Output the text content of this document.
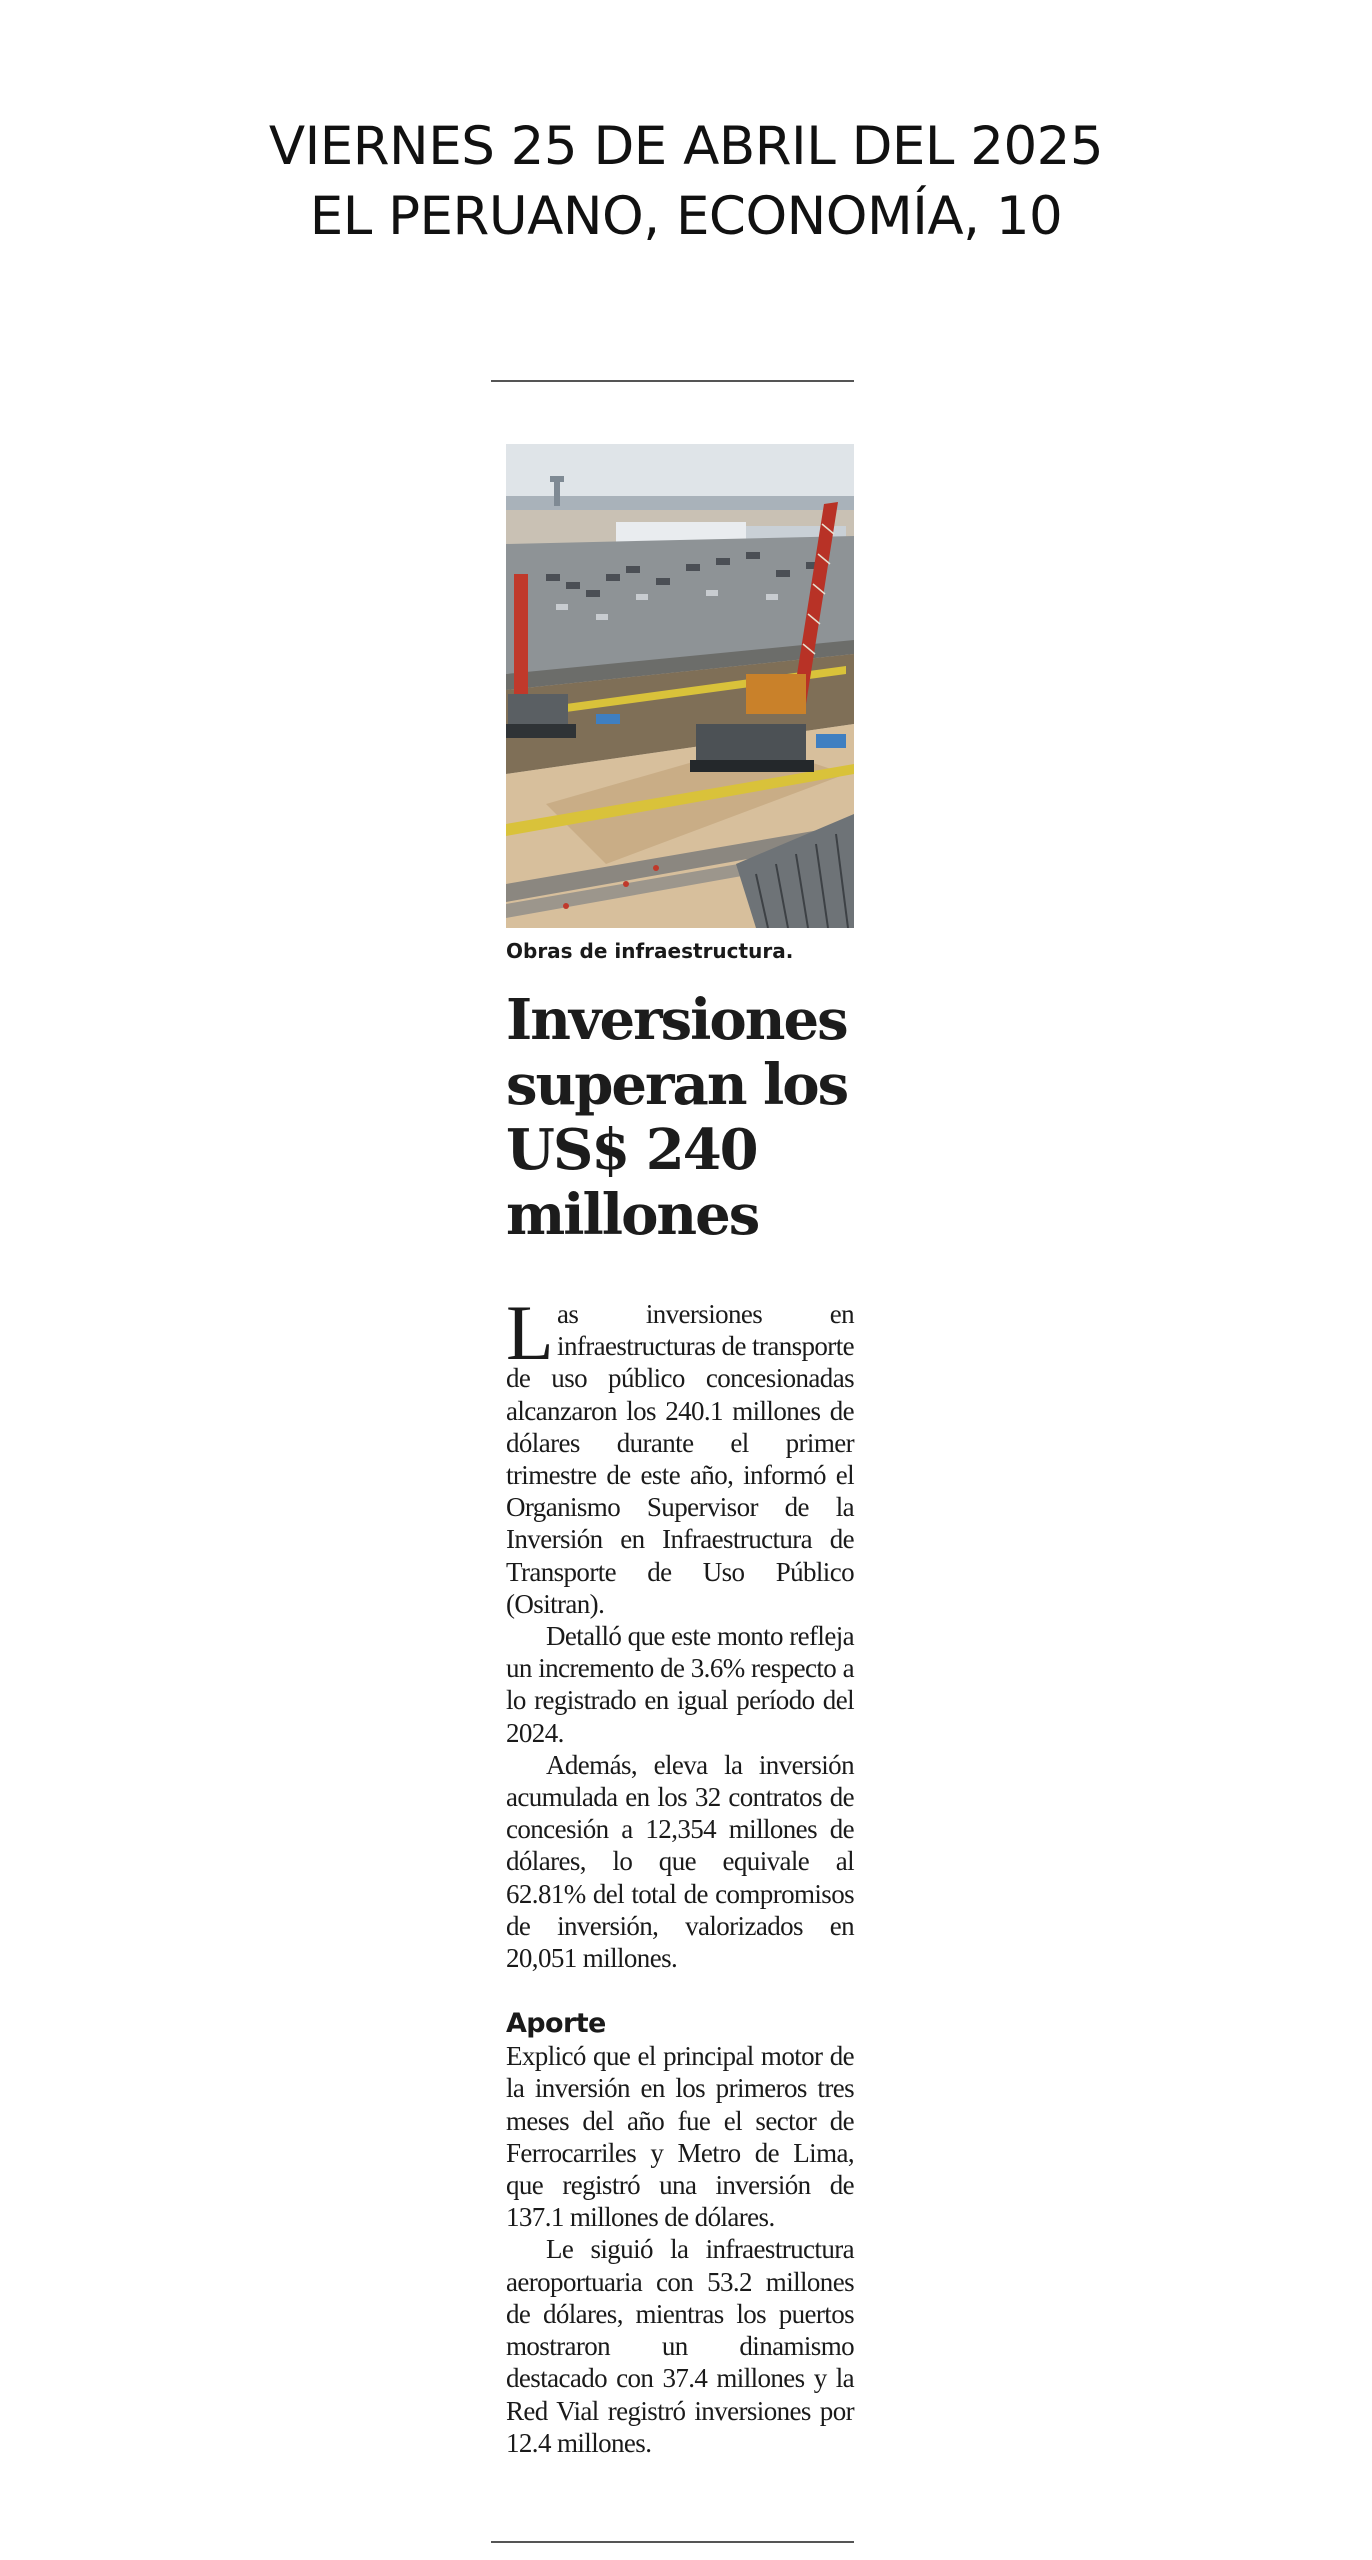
VIERNES 25 DE ABRIL DEL 2025
EL PERUANO, ECONOMÍA, 10
Obras de infraestructura.
Inversiones superan los US$ 240 millones

Las inversiones en infraestructuras de transporte de uso público concesionadas alcanzaron los 240.1 millones de dólares durante el primer trimestre de este año, informó el Organismo Supervisor de la Inversión en Infraestructura de Transporte de Uso Público (Ositran).

Detalló que este monto refleja un incremento de 3.6% respecto a lo registrado en igual período del 2024.

Además, eleva la inversión acumulada en los 32 contratos de concesión a 12,354 millones de dólares, lo que equivale al 62.81% del total de compromisos de inversión, valorizados en 20,051 millones.

Aporte

Explicó que el principal motor de la inversión en los primeros tres meses del año fue el sector de Ferrocarriles y Metro de Lima, que registró una inversión de 137.1 millones de dólares.

Le siguió la infraestructura aeroportuaria con 53.2 millones de dólares, mientras los puertos mostraron un dinamismo destacado con 37.4 millones y la Red Vial registró inversiones por 12.4 millones.
